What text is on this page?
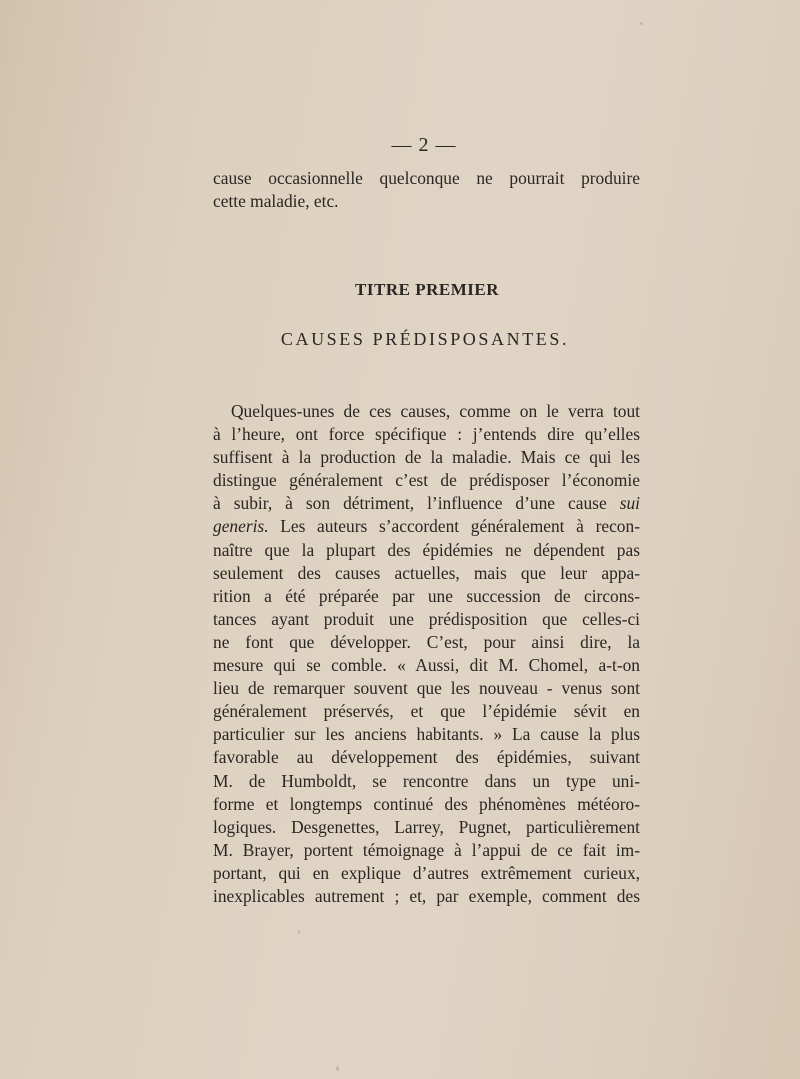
— 2 —
cause occasionnelle quelconque ne pourrait produire
cette maladie, etc.
TITRE PREMIER
CAUSES PRÉDISPOSANTES.
Quelques-unes de ces causes, comme on le verra tout
à l’heure, ont force spécifique : j’entends dire qu’elles
suffisent à la production de la maladie. Mais ce qui les
distingue généralement c’est de prédisposer l’économie
à subir, à son détriment, l’influence d’une cause sui
generis. Les auteurs s’accordent généralement à recon-
naître que la plupart des épidémies ne dépendent pas
seulement des causes actuelles, mais que leur appa-
rition a été préparée par une succession de circons-
tances ayant produit une prédisposition que celles-ci
ne font que développer. C’est, pour ainsi dire, la
mesure qui se comble. « Aussi, dit M. Chomel, a-t-on
lieu de remarquer souvent que les nouveau - venus sont
généralement préservés, et que l’épidémie sévit en
particulier sur les anciens habitants. » La cause la plus
favorable au développement des épidémies, suivant
M. de Humboldt, se rencontre dans un type uni-
forme et longtemps continué des phénomènes météoro-
logiques. Desgenettes, Larrey, Pugnet, particulièrement
M. Brayer, portent témoignage à l’appui de ce fait im-
portant, qui en explique d’autres extrêmement curieux,
inexplicables autrement ; et, par exemple, comment des
